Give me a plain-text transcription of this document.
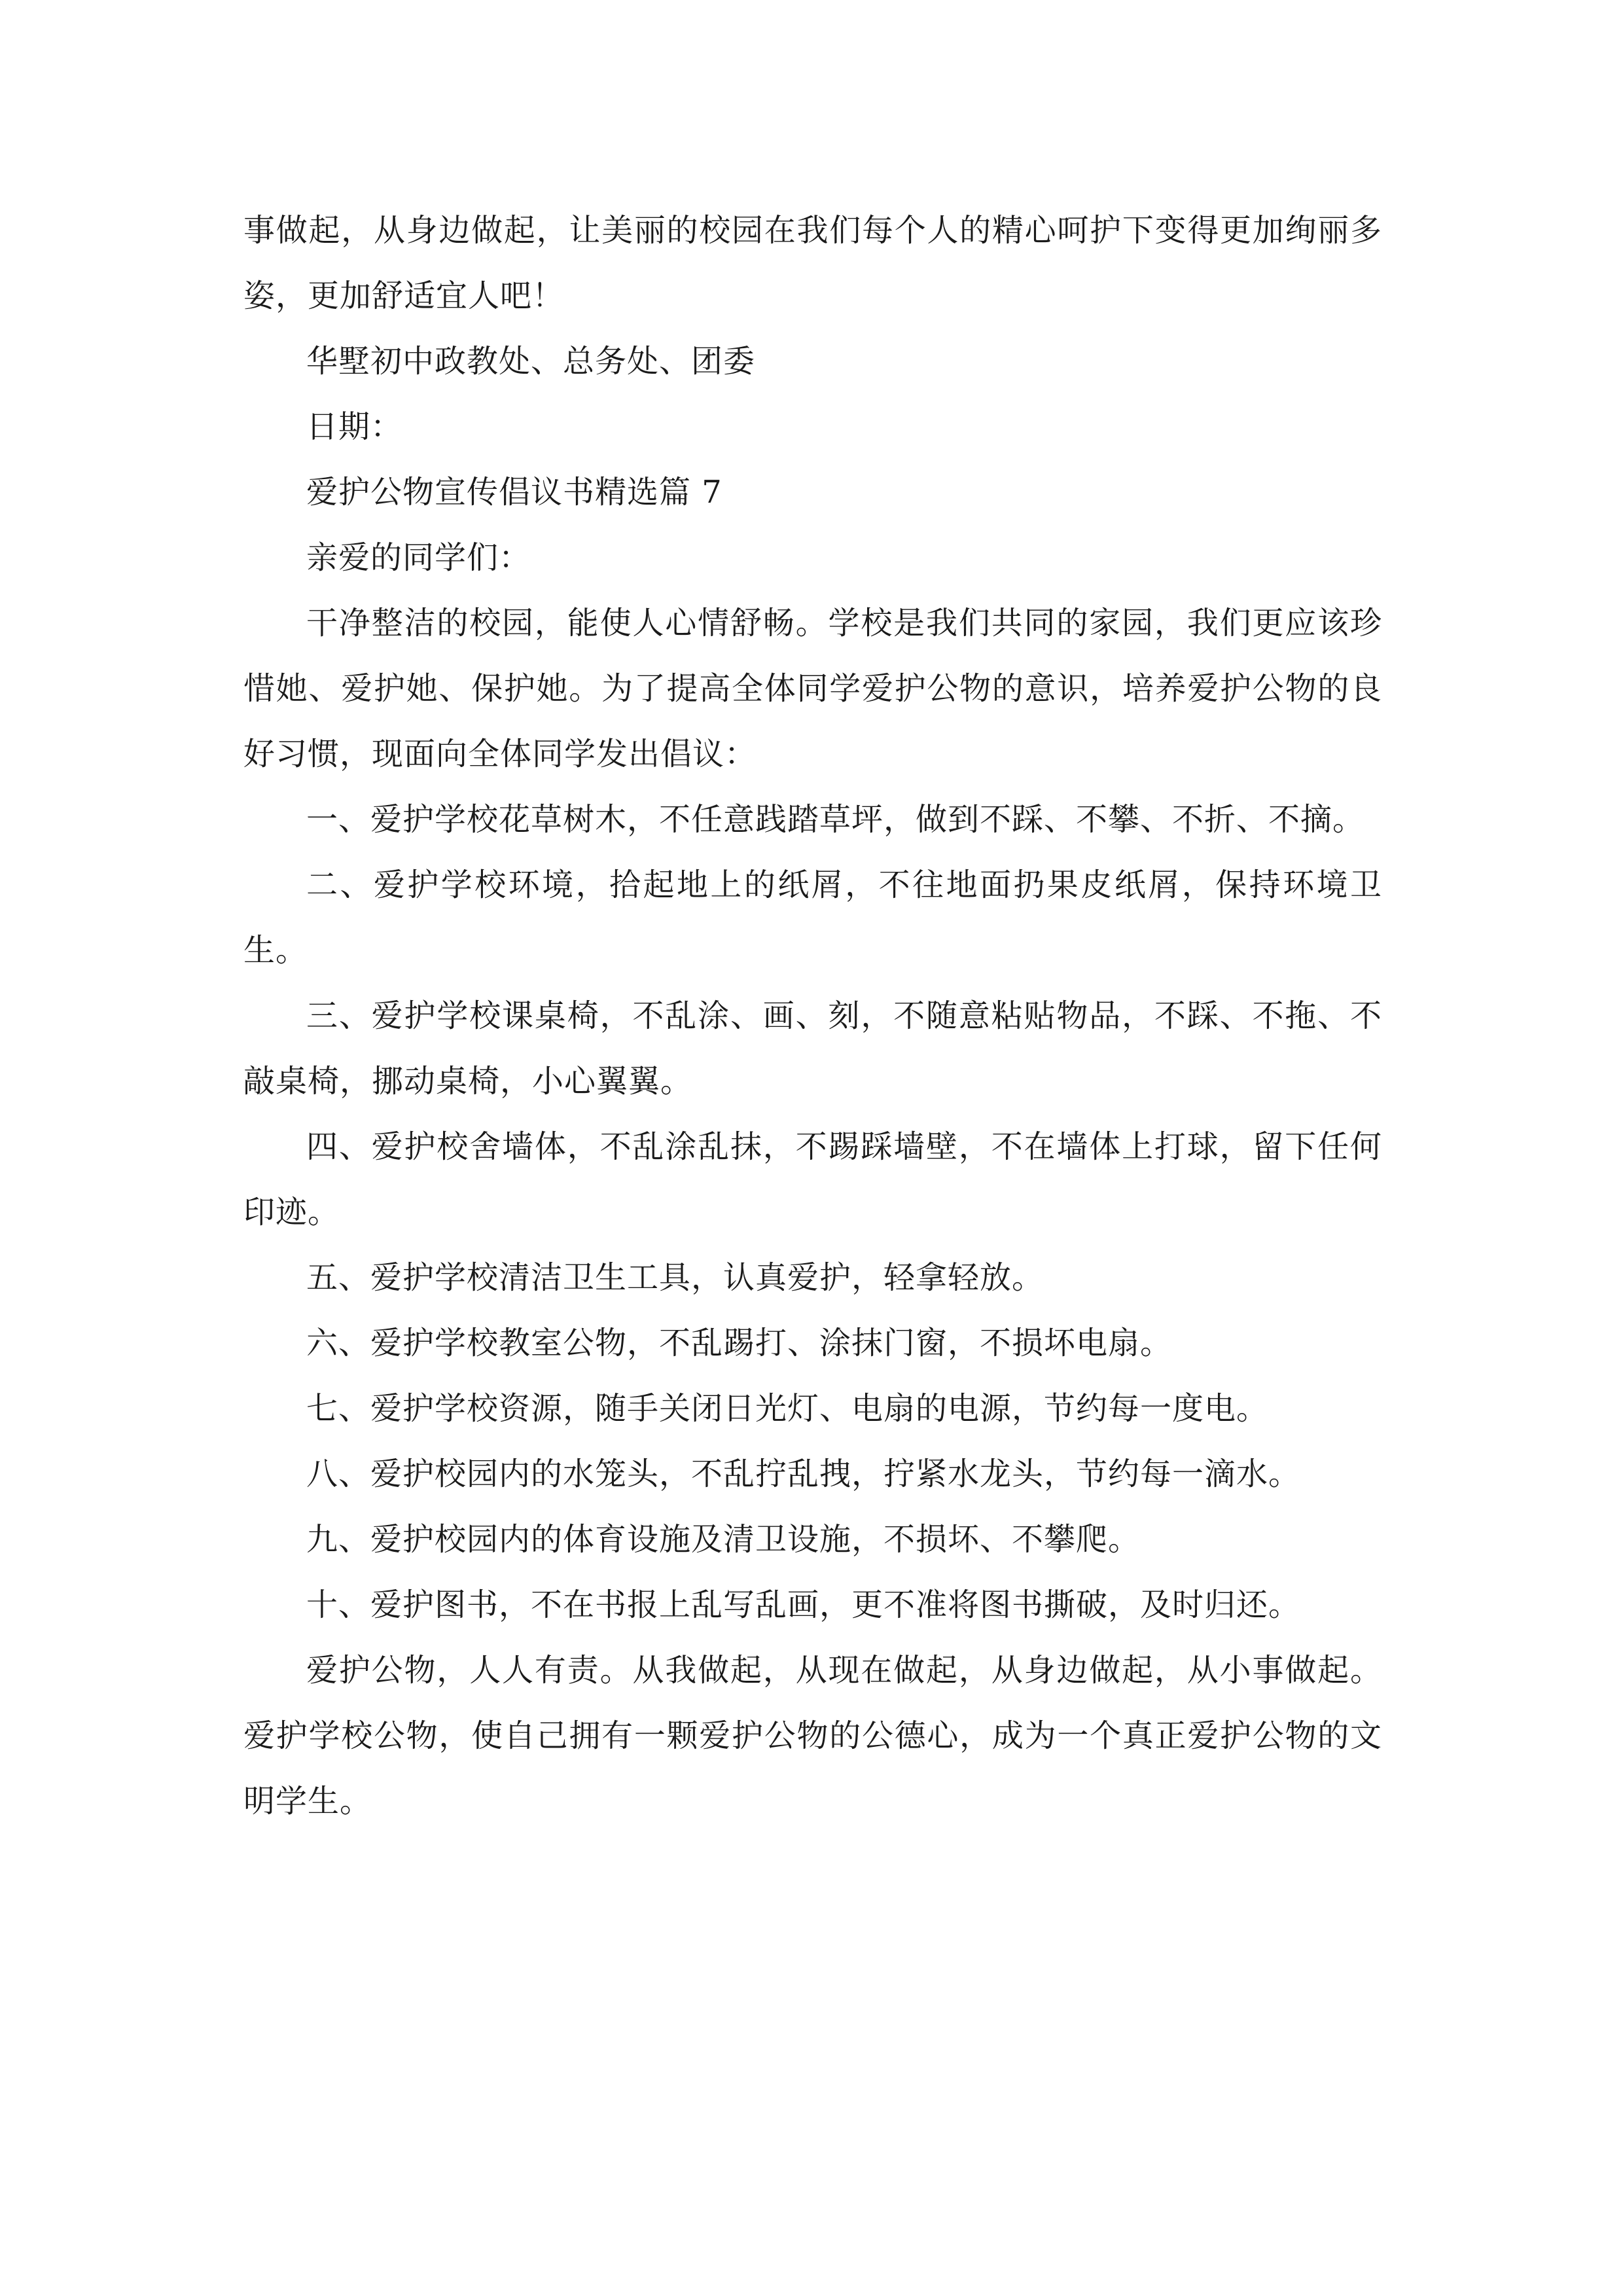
事做起，从身边做起，让美丽的校园在我们每个人的精心呵护下变得更加绚丽多姿，更加舒适宜人吧！

华墅初中政教处、总务处、团委

日期：

爱护公物宣传倡议书精选篇 7

亲爱的同学们：

干净整洁的校园，能使人心情舒畅。学校是我们共同的家园，我们更应该珍惜她、爱护她、保护她。为了提高全体同学爱护公物的意识，培养爱护公物的良好习惯，现面向全体同学发出倡议：

一、爱护学校花草树木，不任意践踏草坪，做到不踩、不攀、不折、不摘。

二、爱护学校环境，拾起地上的纸屑，不往地面扔果皮纸屑，保持环境卫生。

三、爱护学校课桌椅，不乱涂、画、刻，不随意粘贴物品，不踩、不拖、不敲桌椅，挪动桌椅，小心翼翼。

四、爱护校舍墙体，不乱涂乱抹，不踢踩墙壁，不在墙体上打球，留下任何印迹。

五、爱护学校清洁卫生工具，认真爱护，轻拿轻放。

六、爱护学校教室公物，不乱踢打、涂抹门窗，不损坏电扇。

七、爱护学校资源，随手关闭日光灯、电扇的电源，节约每一度电。

八、爱护校园内的水笼头，不乱拧乱拽，拧紧水龙头，节约每一滴水。

九、爱护校园内的体育设施及清卫设施，不损坏、不攀爬。

十、爱护图书，不在书报上乱写乱画，更不准将图书撕破，及时归还。

爱护公物，人人有责。从我做起，从现在做起，从身边做起，从小事做起。爱护学校公物，使自己拥有一颗爱护公物的公德心，成为一个真正爱护公物的文明学生。
